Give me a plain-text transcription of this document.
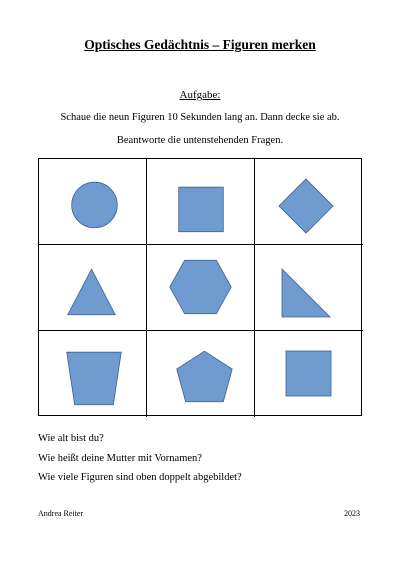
Optisches Gedächtnis – Figuren merken
Aufgabe:
Schaue die neun Figuren 10 Sekunden lang an. Dann decke sie ab.
Beantworte die untenstehenden Fragen.
Wie alt bist du?
Wie heißt deine Mutter mit Vornamen?
Wie viele Figuren sind oben doppelt abgebildet?
Andrea Reiter	2023
